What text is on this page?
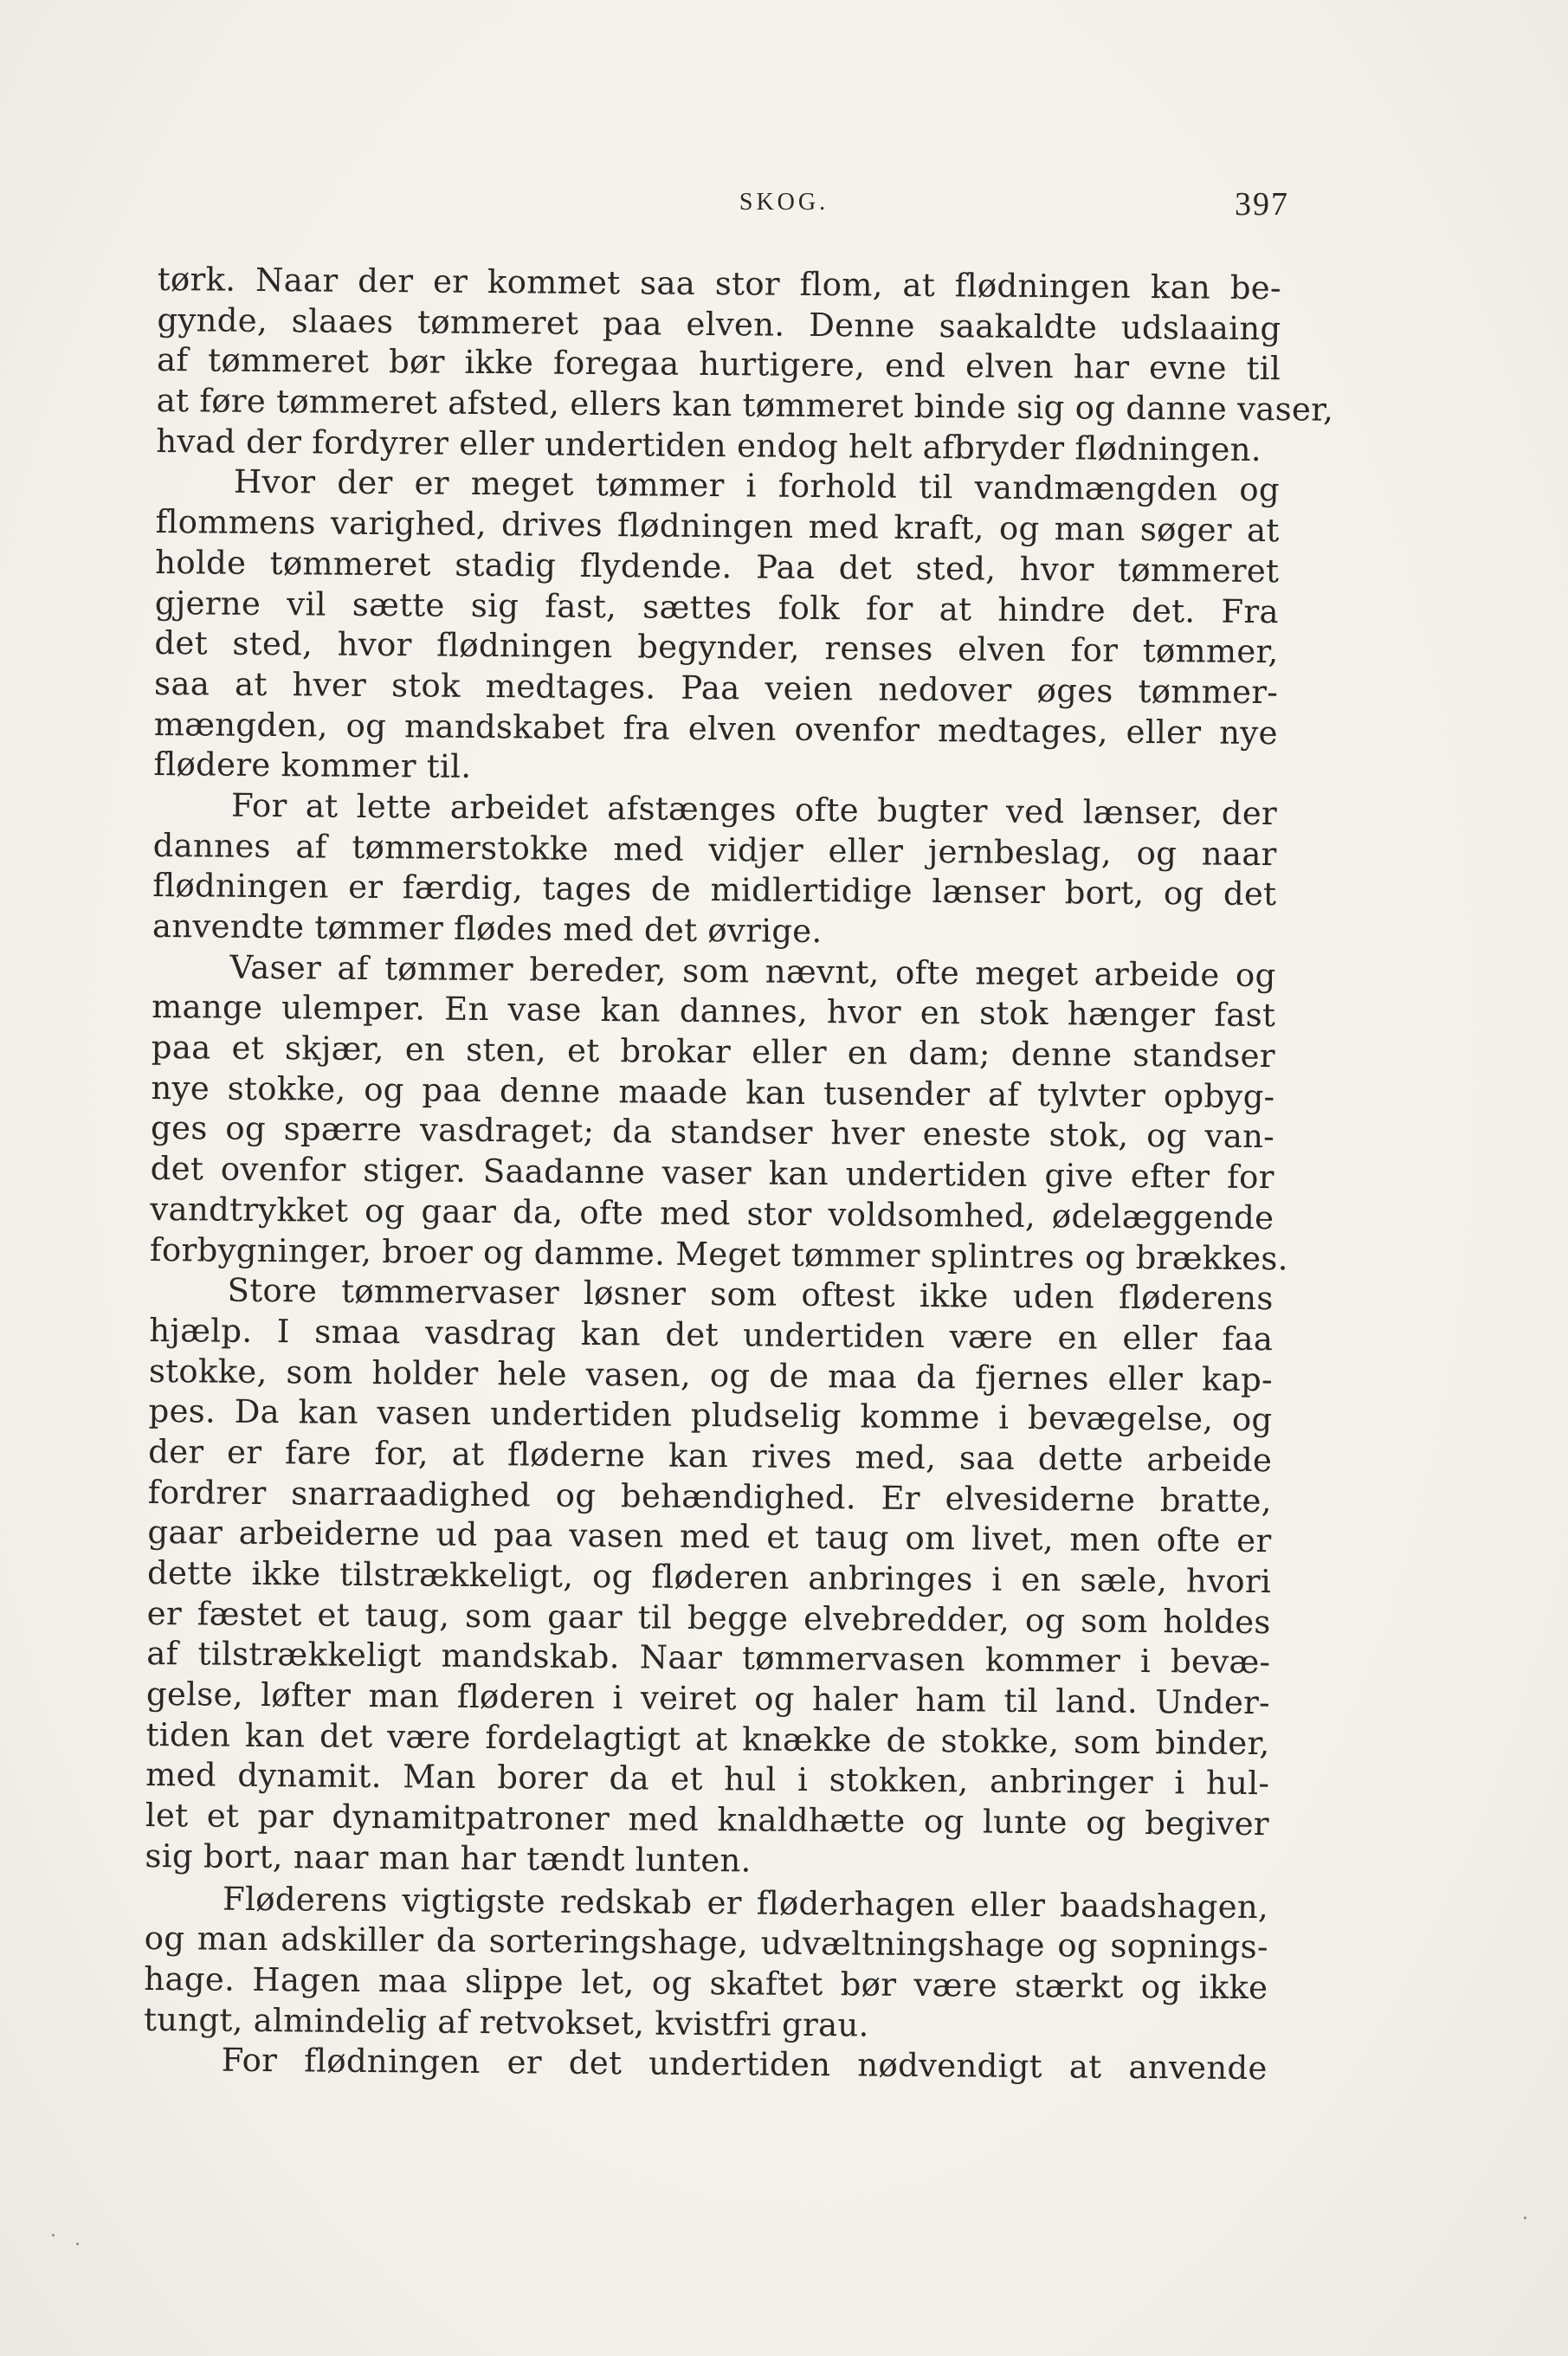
SKOG.	397
tørk. Naar der er kommet saa stor flom, at flødningen kan be-
gynde, slaaes tømmeret paa elven. Denne saakaldte udslaaing
af tømmeret bør ikke foregaa hurtigere, end elven har evne til
at føre tømmeret afsted, ellers kan tømmeret binde sig og danne vaser,
hvad der fordyrer eller undertiden endog helt afbryder flødningen.
Hvor der er meget tømmer i forhold til vandmængden og
flommens varighed, drives flødningen med kraft, og man søger at
holde tømmeret stadig flydende. Paa det sted, hvor tømmeret
gjerne vil sætte sig fast, sættes folk for at hindre det. Fra
det sted, hvor flødningen begynder, renses elven for tømmer,
saa at hver stok medtages. Paa veien nedover øges tømmer-
mængden, og mandskabet fra elven ovenfor medtages, eller nye
flødere kommer til.
For at lette arbeidet afstænges ofte bugter ved lænser, der
dannes af tømmerstokke med vidjer eller jernbeslag, og naar
flødningen er færdig, tages de midlertidige lænser bort, og det
anvendte tømmer flødes med det øvrige.
Vaser af tømmer bereder, som nævnt, ofte meget arbeide og
mange ulemper. En vase kan dannes, hvor en stok hænger fast
paa et skjær, en sten, et brokar eller en dam; denne standser
nye stokke, og paa denne maade kan tusender af tylvter opbyg-
ges og spærre vasdraget; da standser hver eneste stok, og van-
det ovenfor stiger. Saadanne vaser kan undertiden give efter for
vandtrykket og gaar da, ofte med stor voldsomhed, ødelæggende
forbygninger, broer og damme. Meget tømmer splintres og brækkes.
Store tømmervaser løsner som oftest ikke uden fløderens
hjælp. I smaa vasdrag kan det undertiden være en eller faa
stokke, som holder hele vasen, og de maa da fjernes eller kap-
pes. Da kan vasen undertiden pludselig komme i bevægelse, og
der er fare for, at fløderne kan rives med, saa dette arbeide
fordrer snarraadighed og behændighed. Er elvesiderne bratte,
gaar arbeiderne ud paa vasen med et taug om livet, men ofte er
dette ikke tilstrækkeligt, og fløderen anbringes i en sæle, hvori
er fæstet et taug, som gaar til begge elvebredder, og som holdes
af tilstrækkeligt mandskab. Naar tømmervasen kommer i bevæ-
gelse, løfter man fløderen i veiret og haler ham til land. Under-
tiden kan det være fordelagtigt at knække de stokke, som binder,
med dynamit. Man borer da et hul i stokken, anbringer i hul-
let et par dynamitpatroner med knaldhætte og lunte og begiver
sig bort, naar man har tændt lunten.
Fløderens vigtigste redskab er fløderhagen eller baadshagen,
og man adskiller da sorteringshage, udvæltningshage og sopnings-
hage. Hagen maa slippe let, og skaftet bør være stærkt og ikke
tungt, almindelig af retvokset, kvistfri grau.
For flødningen er det undertiden nødvendigt at anvende
